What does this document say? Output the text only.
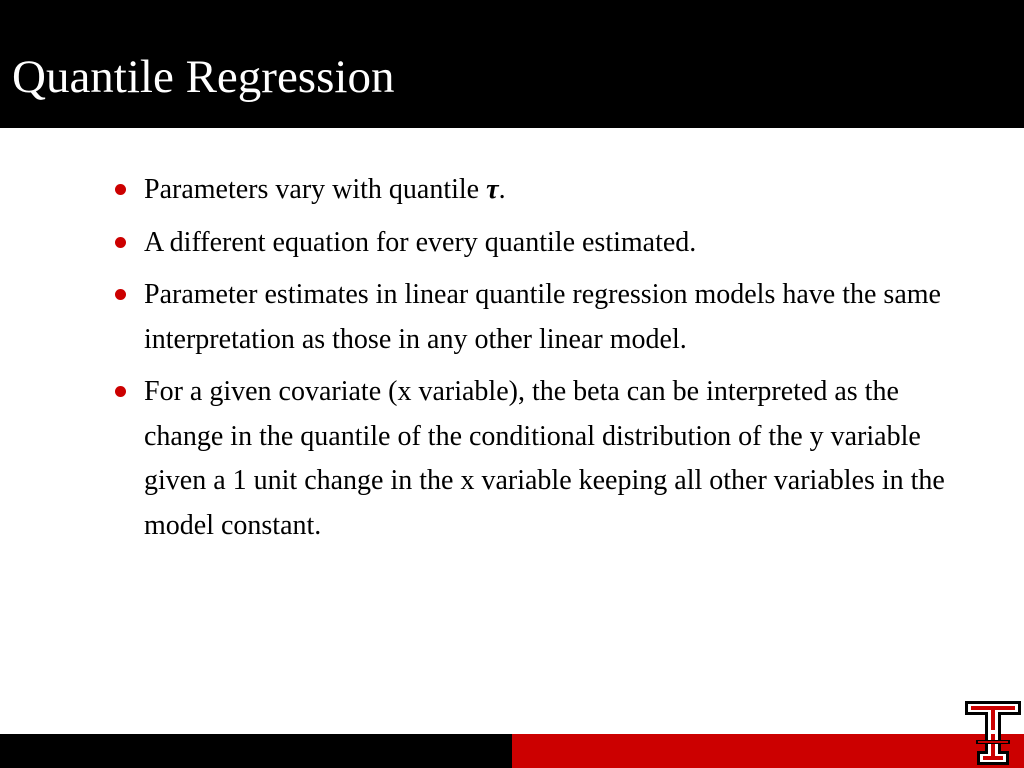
Quantile Regression
Parameters vary with quantile τ.
A different equation for every quantile estimated.
Parameter estimates in linear quantile regression models have the same interpretation as those in any other linear model.
For a given covariate (x variable), the beta can be interpreted as the change in the quantile of the conditional distribution of the y variable given a 1 unit change in the x variable keeping all other variables in the model constant.
